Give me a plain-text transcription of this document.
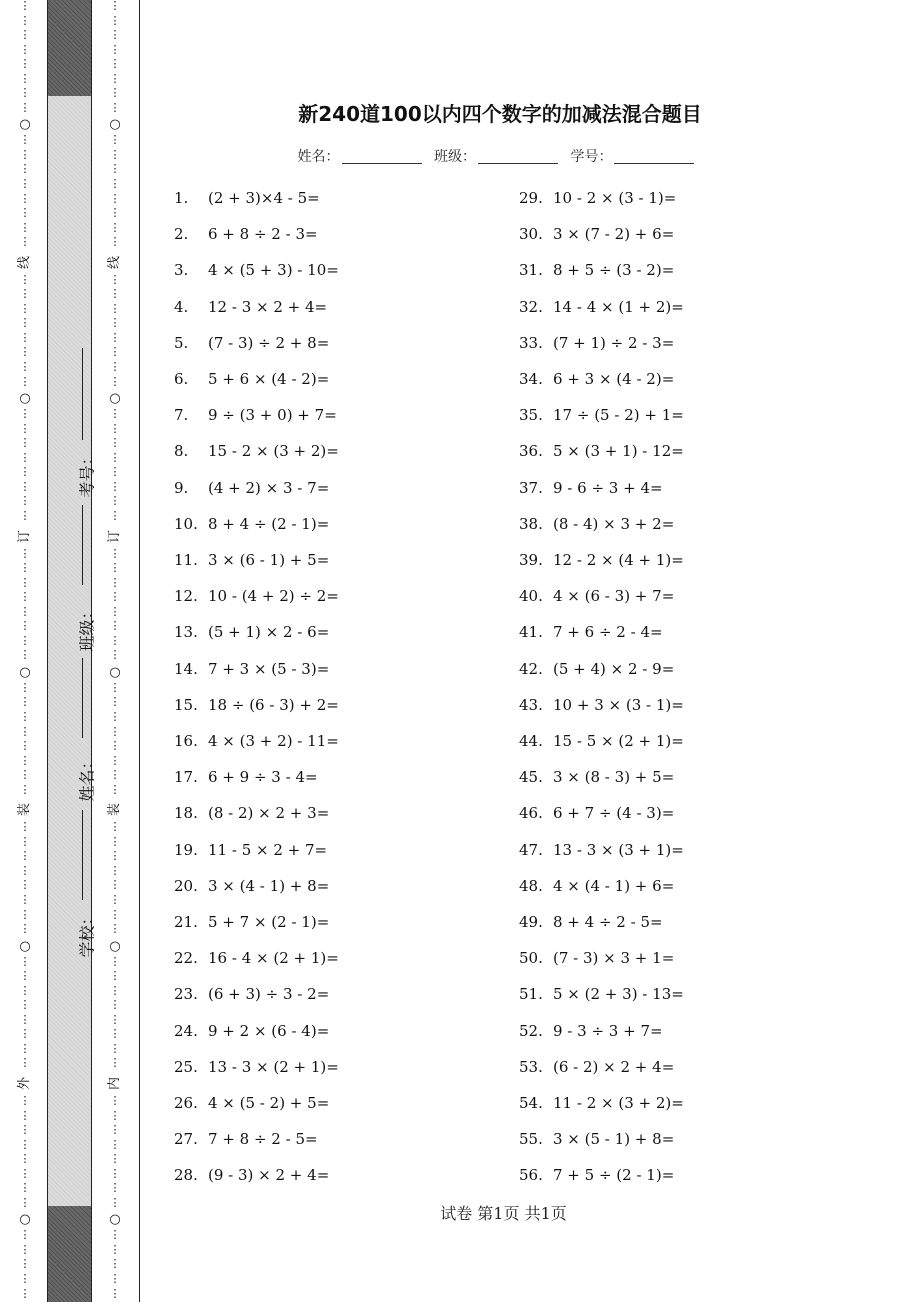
⋮
⋮
⋮
⋮
⋮
⋮
⋮
⋮
○
⋮
⋮
⋮
⋮
⋮
⋮
⋮
⋮
线
⋮
⋮
⋮
⋮
⋮
⋮
⋮
⋮
○
⋮
⋮
⋮
⋮
⋮
⋮
⋮
⋮
订
⋮
⋮
⋮
⋮
⋮
⋮
⋮
⋮
○
⋮
⋮
⋮
⋮
⋮
⋮
⋮
⋮
装
⋮
⋮
⋮
⋮
⋮
⋮
⋮
⋮
○
⋮
⋮
⋮
⋮
⋮
⋮
⋮
⋮
外
⋮
⋮
⋮
⋮
⋮
⋮
⋮
⋮
○
⋮
⋮
⋮
⋮
⋮
⋮
⋮
⋮
⋮
⋮
⋮
⋮
⋮
○
⋮
⋮
⋮
⋮
⋮
⋮
⋮
⋮
线
⋮
⋮
⋮
⋮
⋮
⋮
⋮
⋮
○
⋮
⋮
⋮
⋮
⋮
⋮
⋮
⋮
订
⋮
⋮
⋮
⋮
⋮
⋮
⋮
⋮
○
⋮
⋮
⋮
⋮
⋮
⋮
⋮
⋮
装
⋮
⋮
⋮
⋮
⋮
⋮
⋮
⋮
○
⋮
⋮
⋮
⋮
⋮
⋮
⋮
⋮
内
⋮
⋮
⋮
⋮
⋮
⋮
⋮
⋮
○
⋮
⋮
⋮
⋮
⋮
考号：
班级：
姓名：
学校：
新240道100以内四个数字的加减法混合题目
姓名：	班级：	学号：
1.	(2 + 3)×4 - 5=
2.	6 + 8 ÷ 2 - 3=
3.	4 × (5 + 3) - 10=
4.	12 - 3 × 2 + 4=
5.	(7 - 3) ÷ 2 + 8=
6.	5 + 6 × (4 - 2)=
7.	9 ÷ (3 + 0) + 7=
8.	15 - 2 × (3 + 2)=
9.	(4 + 2) × 3 - 7=
10. 8 + 4 ÷ (2 - 1)=
11. 3 × (6 - 1) + 5=
12. 10 - (4 + 2) ÷ 2=
13. (5 + 1) × 2 - 6=
14. 7 + 3 × (5 - 3)=
15. 18 ÷ (6 - 3) + 2=
16. 4 × (3 + 2) - 11=
17. 6 + 9 ÷ 3 - 4=
18. (8 - 2) × 2 + 3=
19. 11 - 5 × 2 + 7=
20. 3 × (4 - 1) + 8=
21. 5 + 7 × (2 - 1)=
22. 16 - 4 × (2 + 1)=
23. (6 + 3) ÷ 3 - 2=
24. 9 + 2 × (6 - 4)=
25. 13 - 3 × (2 + 1)=
26. 4 × (5 - 2) + 5=
27. 7 + 8 ÷ 2 - 5=
28. (9 - 3) × 2 + 4=
29. 10 - 2 × (3 - 1)=
30. 3 × (7 - 2) + 6=
31. 8 + 5 ÷ (3 - 2)=
32. 14 - 4 × (1 + 2)=
33. (7 + 1) ÷ 2 - 3=
34. 6 + 3 × (4 - 2)=
35. 17 ÷ (5 - 2) + 1=
36. 5 × (3 + 1) - 12=
37. 9 - 6 ÷ 3 + 4=
38. (8 - 4) × 3 + 2=
39. 12 - 2 × (4 + 1)=
40. 4 × (6 - 3) + 7=
41. 7 + 6 ÷ 2 - 4=
42. (5 + 4) × 2 - 9=
43. 10 + 3 × (3 - 1)=
44. 15 - 5 × (2 + 1)=
45. 3 × (8 - 3) + 5=
46. 6 + 7 ÷ (4 - 3)=
47. 13 - 3 × (3 + 1)=
48. 4 × (4 - 1) + 6=
49. 8 + 4 ÷ 2 - 5=
50. (7 - 3) × 3 + 1=
51. 5 × (2 + 3) - 13=
52. 9 - 3 ÷ 3 + 7=
53. (6 - 2) × 2 + 4=
54. 11 - 2 × (3 + 2)=
55. 3 × (5 - 1) + 8=
56. 7 + 5 ÷ (2 - 1)=
试卷 第1页 共1页
